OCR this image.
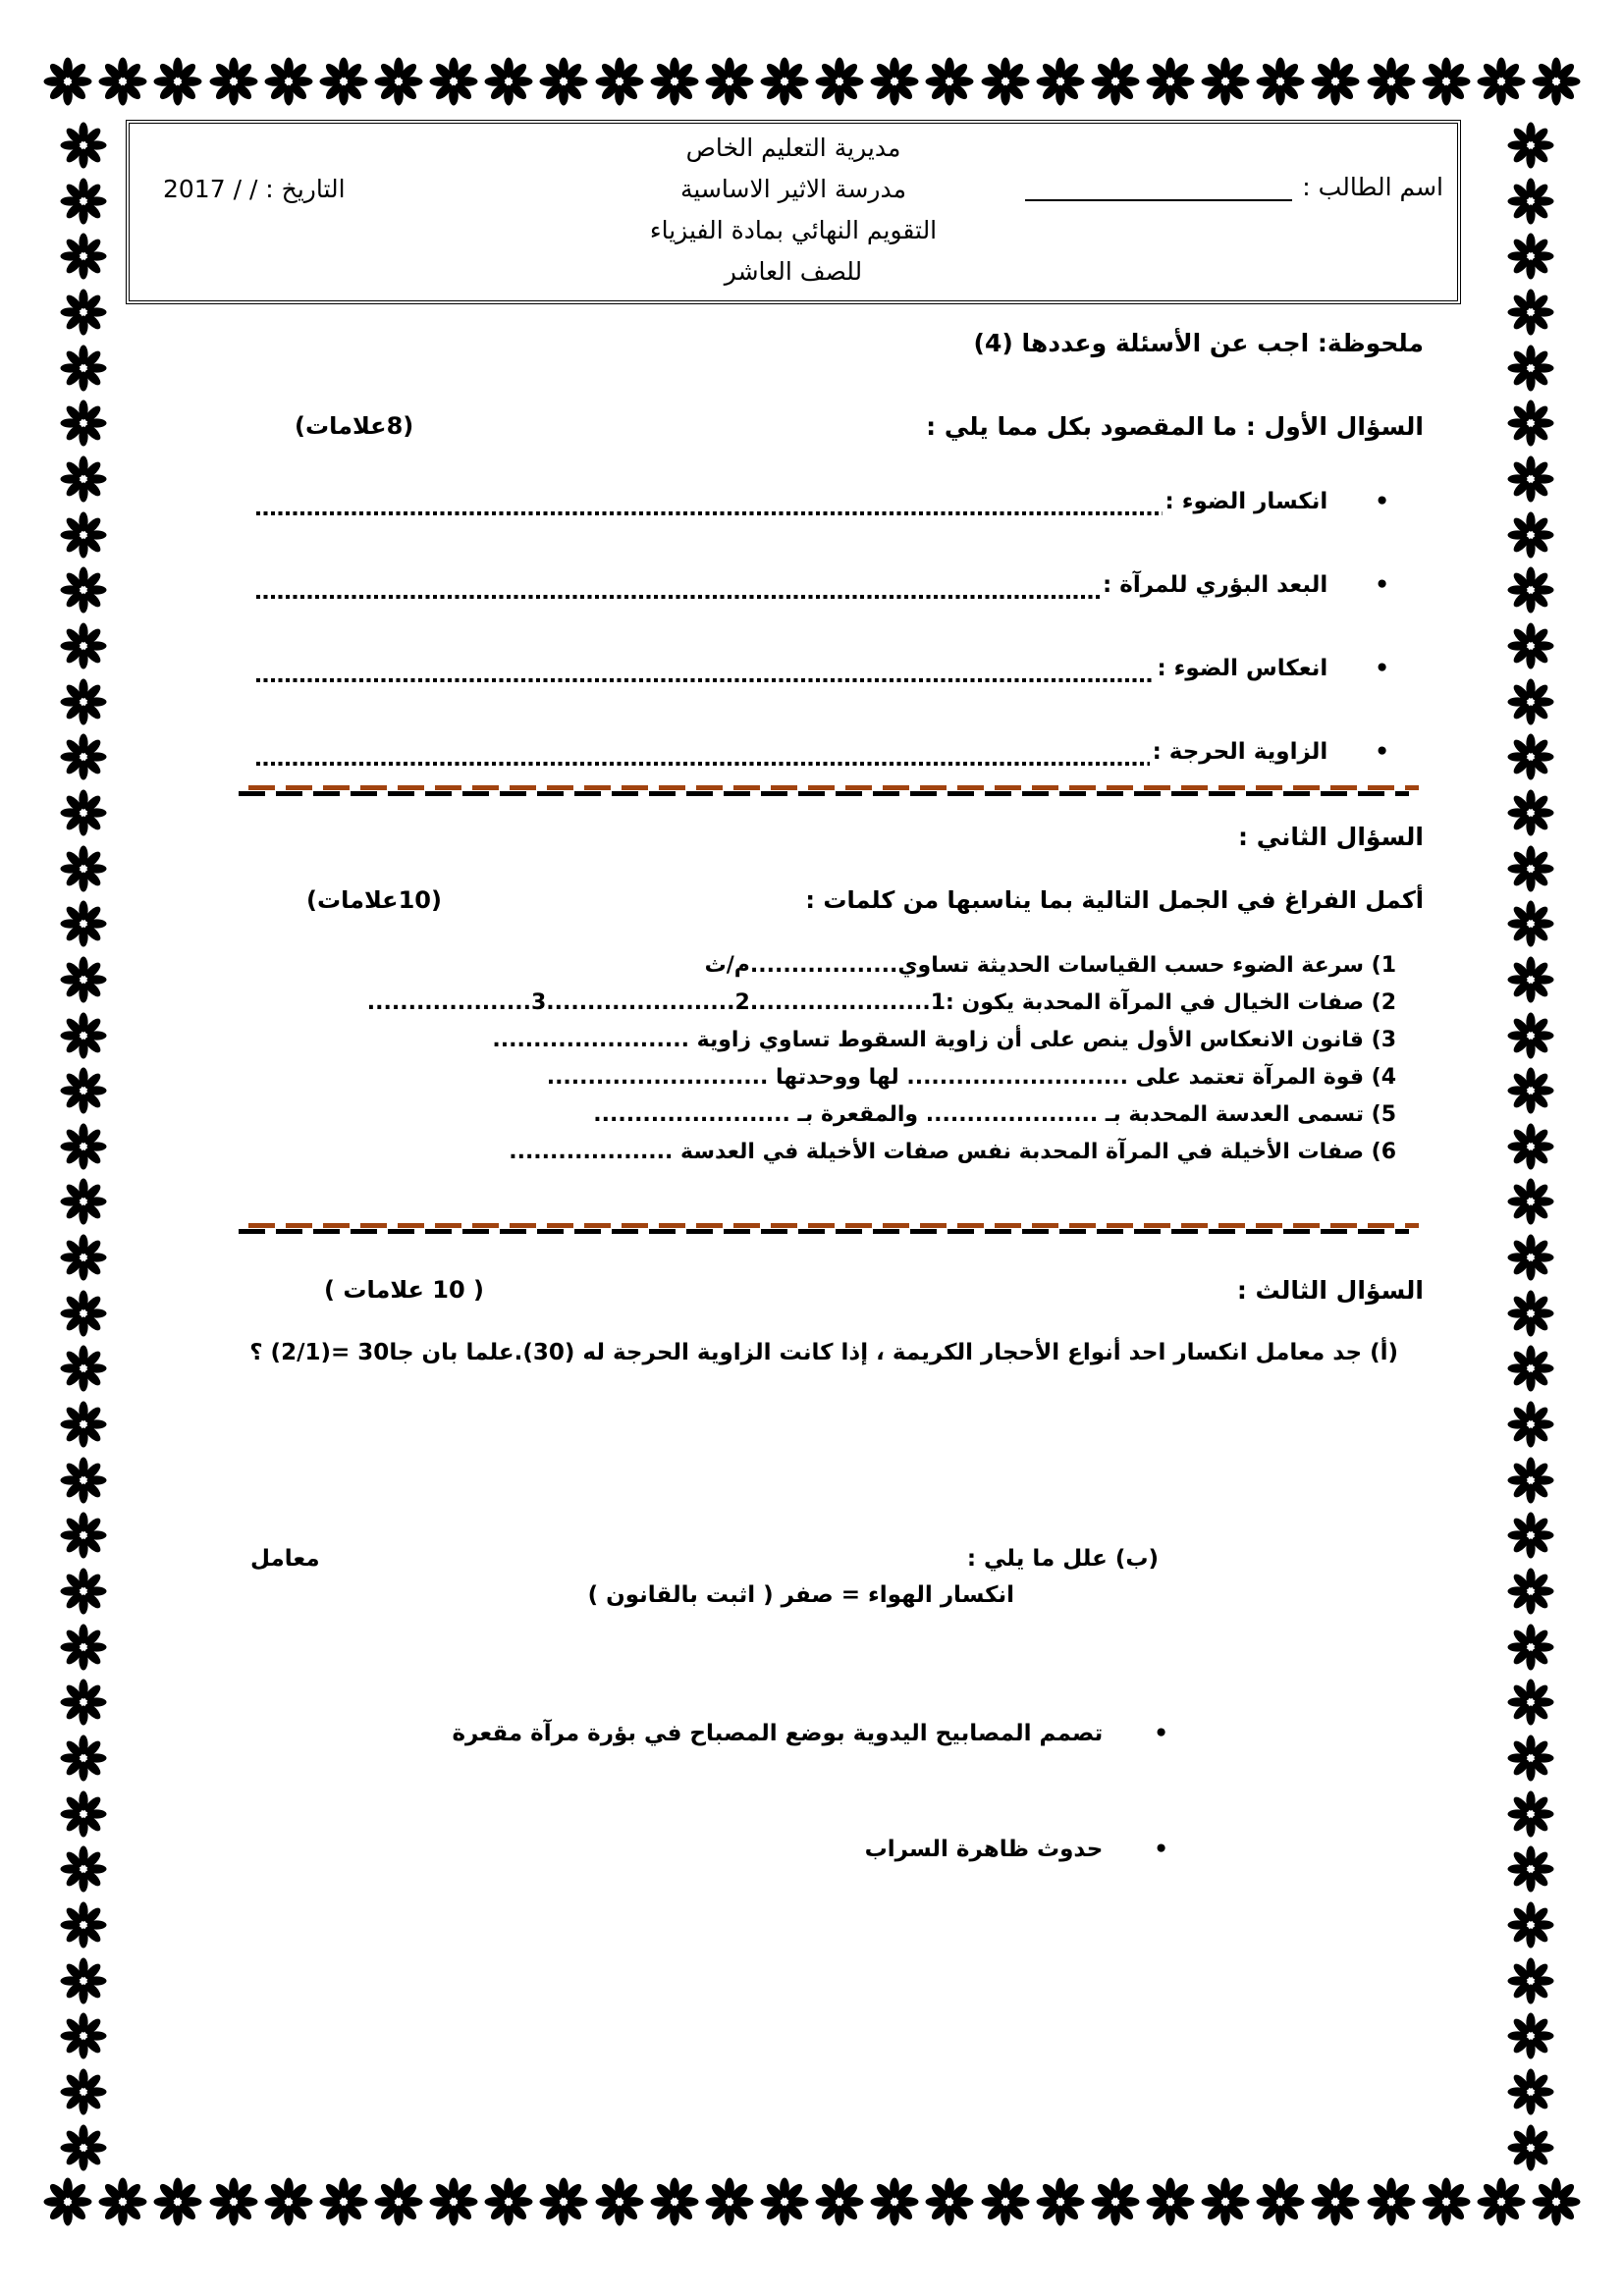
مديرية التعليم الخاص
مدرسة الاثير الاساسية
التقويم النهائي بمادة الفيزياء
للصف العاشر
اسم الطالب :
التاريخ : / / 2017
ملحوظة: اجب عن الأسئلة وعددها (4)
السؤال الأول : ما المقصود بكل مما يلي :
(8علامات)
•
انكسار الضوء :
•
البعد البؤري للمرآة :
•
انعكاس الضوء :
•
الزاوية الحرجة :
السؤال الثاني :
أكمل الفراغ في الجمل التالية بما يناسبها من كلمات :
(10علامات)
1) سرعة الضوء حسب القياسات الحديثة تساوي..................م/ث
2) صفات الخيال في المرآة المحدبة يكون :1......................2.......................3....................
3) قانون الانعكاس الأول ينص على أن زاوية السقوط تساوي زاوية ........................
4) قوة المرآة تعتمد على ........................... لها ووحدتها ...........................
5) تسمى العدسة المحدبة بـ ..................... والمقعرة بـ ........................
6) صفات الأخيلة في المرآة المحدبة نفس صفات الأخيلة في العدسة ....................
السؤال الثالث :
( 10 علامات )
(أ) جد معامل انكسار احد أنواع الأحجار الكريمة ، إذا كانت الزاوية الحرجة له (30).علما بان جا30 =(2/1) ؟
(ب) علل ما يلي :
معامل
انكسار الهواء = صفر ( اثبت بالقانون )
•
تصمم المصابيح اليدوية بوضع المصباح في بؤرة مرآة مقعرة
•
حدوث ظاهرة السراب
